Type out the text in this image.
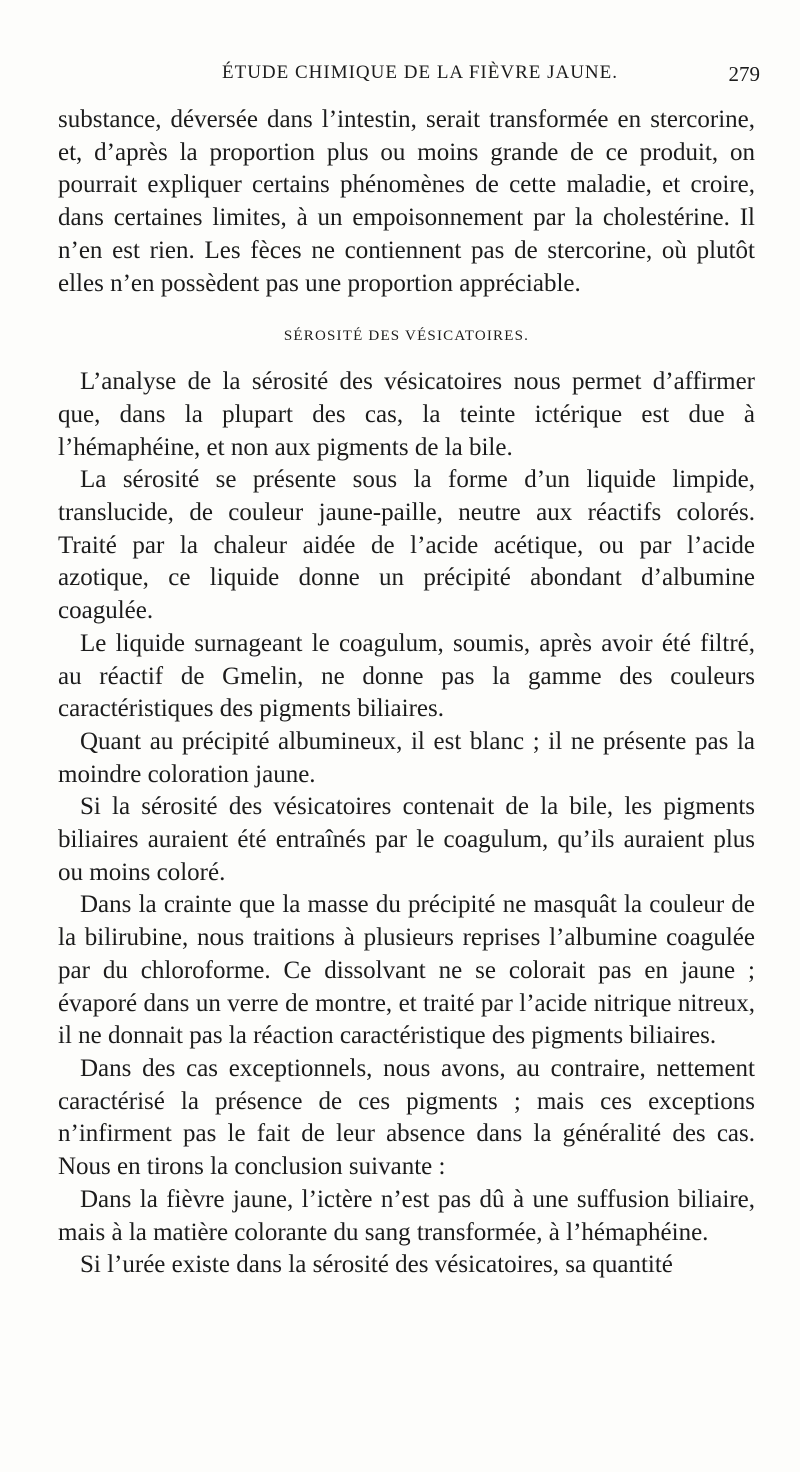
ÉTUDE CHIMIQUE DE LA FIÈVRE JAUNE.	279

substance, déversée dans l’intestin, serait transformée en stercorine, et, d’après la proportion plus ou moins grande de ce produit, on pourrait expliquer certains phénomènes de cette maladie, et croire, dans certaines limites, à un empoisonnement par la cholestérine. Il n’en est rien. Les fèces ne contiennent pas de stercorine, où plutôt elles n’en possèdent pas une proportion appréciable.

SÉROSITÉ DES VÉSICATOIRES.

L’analyse de la sérosité des vésicatoires nous permet d’affirmer que, dans la plupart des cas, la teinte ictérique est due à l’hémaphéine, et non aux pigments de la bile.

La sérosité se présente sous la forme d’un liquide limpide, translucide, de couleur jaune-paille, neutre aux réactifs colorés. Traité par la chaleur aidée de l’acide acétique, ou par l’acide azotique, ce liquide donne un précipité abondant d’albumine coagulée.

Le liquide surnageant le coagulum, soumis, après avoir été filtré, au réactif de Gmelin, ne donne pas la gamme des couleurs caractéristiques des pigments biliaires.

Quant au précipité albumineux, il est blanc ; il ne présente pas la moindre coloration jaune.

Si la sérosité des vésicatoires contenait de la bile, les pigments biliaires auraient été entraînés par le coagulum, qu’ils auraient plus ou moins coloré.

Dans la crainte que la masse du précipité ne masquât la couleur de la bilirubine, nous traitions à plusieurs reprises l’albumine coagulée par du chloroforme. Ce dissolvant ne se colorait pas en jaune ; évaporé dans un verre de montre, et traité par l’acide nitrique nitreux, il ne donnait pas la réaction caractéristique des pigments biliaires.

Dans des cas exceptionnels, nous avons, au contraire, nettement caractérisé la présence de ces pigments ; mais ces exceptions n’infirment pas le fait de leur absence dans la généralité des cas. Nous en tirons la conclusion suivante :

Dans la fièvre jaune, l’ictère n’est pas dû à une suffusion biliaire, mais à la matière colorante du sang transformée, à l’hémaphéine.

Si l’urée existe dans la sérosité des vésicatoires, sa quantité
